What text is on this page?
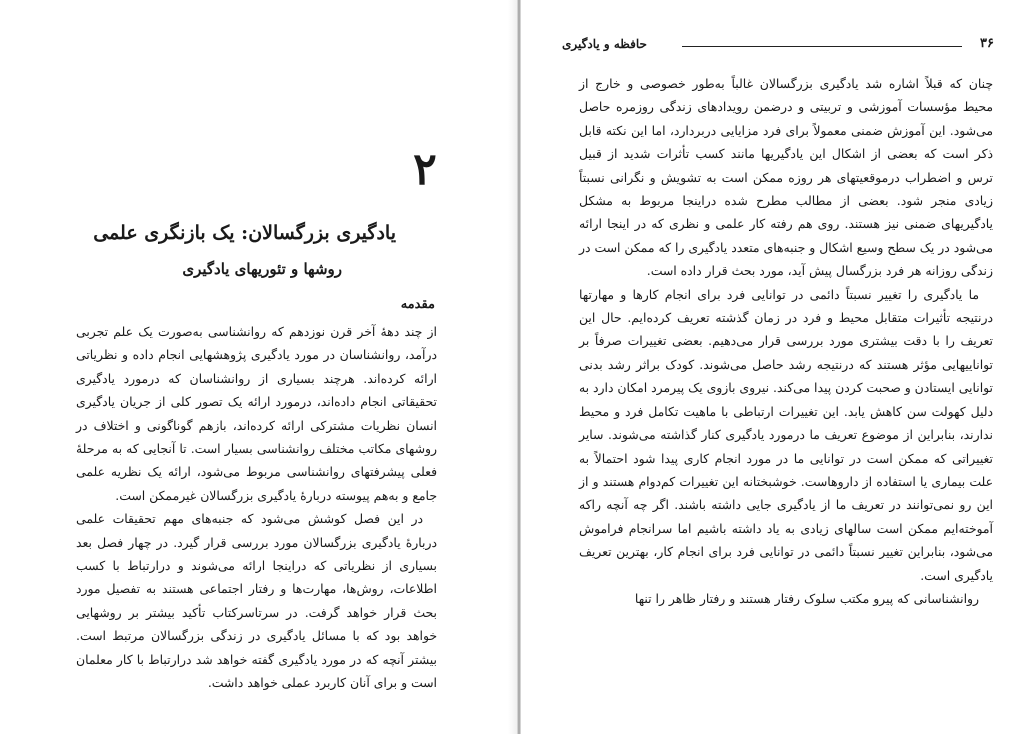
۲
یادگیری بزرگسالان: یک بازنگری علمی
روشها و تئوریهای یادگیری
مقدمه

از چند دههٔ آخر قرن نوزدهم که روانشناسی به‌صورت یک علم تجربی درآمد، روانشناسان در مورد یادگیری پژوهشهایی انجام داده و نظریاتی ارائه کرده‌اند. هرچند بسیاری از روانشناسان که درمورد یادگیری تحقیقاتی انجام داده‌اند، درمورد ارائه یک تصور کلی از جریان یادگیری انسان نظریات مشترکی ارائه کرده‌اند، بازهم گوناگونی و اختلاف در روشهای مکاتب مختلف روانشناسی بسیار است. تا آنجایی که به مرحلهٔ فعلی پیشرفتهای روانشناسی مربوط می‌شود، ارائه یک نظریه علمی جامع و به‌هم پیوسته دربارهٔ یادگیری بزرگسالان غیرممکن است.

در این فصل کوشش می‌شود که جنبه‌های مهم تحقیقات علمی دربارهٔ یادگیری بزرگسالان مورد بررسی قرار گیرد. در چهار فصل بعد بسیاری از نظریاتی که دراینجا ارائه می‌شوند و درارتباط با کسب اطلاعات، روش‌ها، مهارت‌ها و رفتار اجتماعی هستند به تفصیل مورد بحث قرار خواهد گرفت. در سرتاسرکتاب تأکید بیشتر بر روشهایی خواهد بود که با مسائل یادگیری در زندگی بزرگسالان مرتبط است. بیشتر آنچه که در مورد یادگیری گفته خواهد شد درارتباط با کار معلمان است و برای آنان کاربرد عملی خواهد داشت.

۳۶
حافظه و یادگیری

چنان که قبلاً اشاره شد یادگیری بزرگسالان غالباً به‌طور خصوصی و خارج از محیط مؤسسات آموزشی و تربیتی و درضمن رویدادهای زندگی روزمره حاصل می‌شود. این آموزش ضمنی معمولاً برای فرد مزایایی دربردارد، اما این نکته قابل ذکر است که بعضی از اشکال این یادگیریها مانند کسب تأثرات شدید از قبیل ترس و اضطراب درموقعیتهای هر روزه ممکن است به تشویش و نگرانی نسبتاً زیادی منجر شود. بعضی از مطالب مطرح شده دراینجا مربوط به مشکل یادگیریهای ضمنی نیز هستند. روی هم رفته کار علمی و نظری که در اینجا ارائه می‌شود در یک سطح وسیع اشکال و جنبه‌های متعدد یادگیری را که ممکن است در زندگی روزانه هر فرد بزرگسال پیش آید، مورد بحث قرار داده است.

ما یادگیری را تغییر نسبتاً دائمی در توانایی فرد برای انجام کارها و مهارتها درنتیجه تأثیرات متقابل محیط و فرد در زمان گذشته تعریف کرده‌ایم. حال این تعریف را با دقت بیشتری مورد بررسی قرار می‌دهیم. بعضی تغییرات صرفاً بر تواناییهایی مؤثر هستند که درنتیجه رشد حاصل می‌شوند. کودک براثر رشد بدنی توانایی ایستادن و صحبت کردن پیدا می‌کند. نیروی بازوی یک پیرمرد امکان دارد به دلیل کهولت سن کاهش یابد. این تغییرات ارتباطی با ماهیت تکامل فرد و محیط ندارند، بنابراین از موضوع تعریف ما درمورد یادگیری کنار گذاشته می‌شوند. سایر تغییراتی که ممکن است در توانایی ما در مورد انجام کاری پیدا شود احتمالاً به علت بیماری یا استفاده از داروهاست. خوشبختانه این تغییرات کم‌دوام هستند و از این رو نمی‌توانند در تعریف ما از یادگیری جایی داشته باشند. اگر چه آنچه راکه آموخته‌ایم ممکن است سالهای زیادی به یاد داشته باشیم اما سرانجام فراموش می‌شود، بنابراین تغییر نسبتاً دائمی در توانایی فرد برای انجام کار، بهترین تعریف یادگیری است.

روانشناسانی که پیرو مکتب سلوک رفتار هستند و رفتار ظاهر را تنها
